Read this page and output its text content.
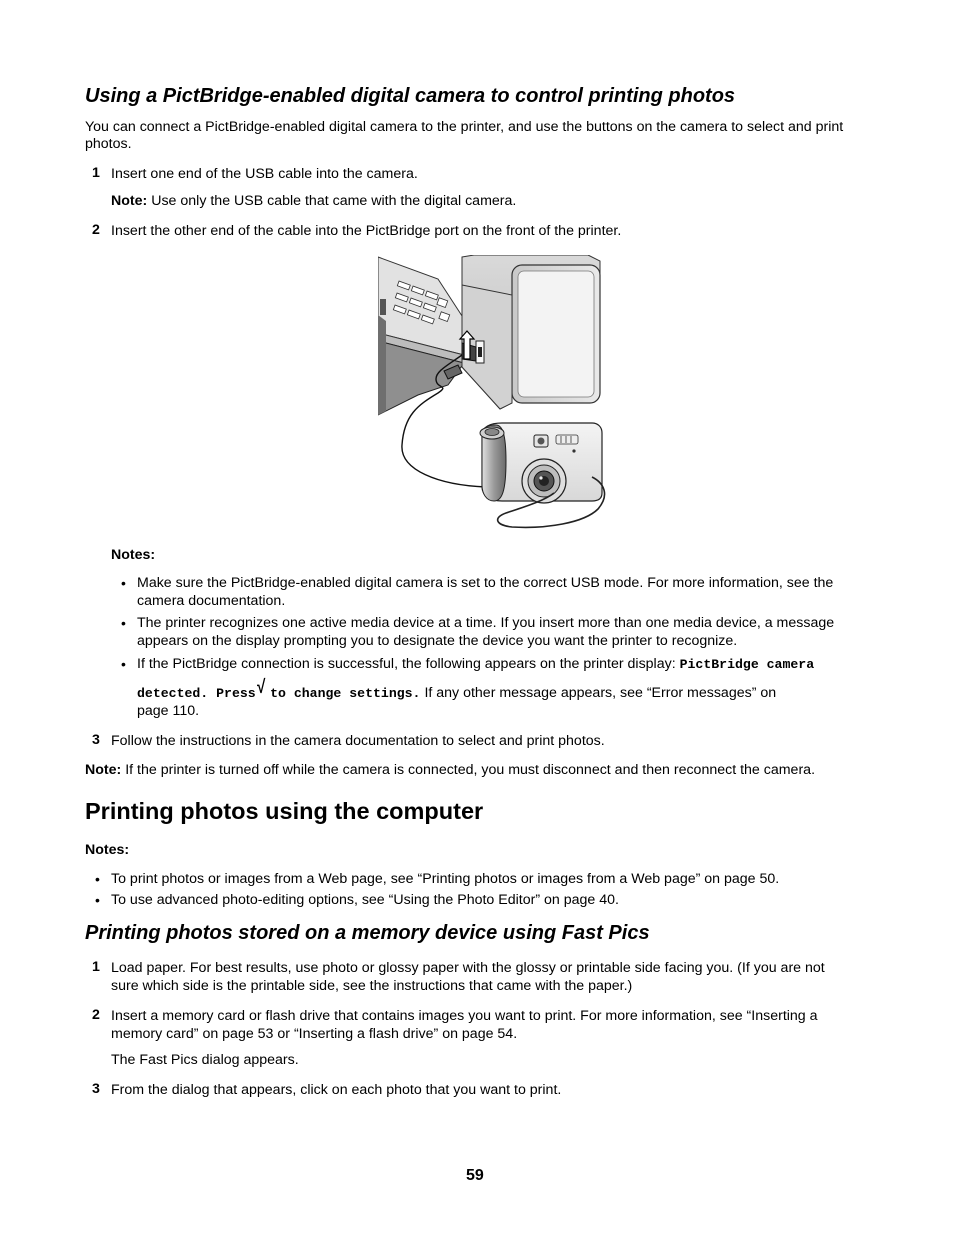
Using a PictBridge-enabled digital camera to control printing photos
You can connect a PictBridge-enabled digital camera to the printer, and use the buttons on the camera to select and print
photos.
1 Insert one end of the USB cable into the camera.
Note: Use only the USB cable that came with the digital camera.
2 Insert the other end of the cable into the PictBridge port on the front of the printer.
Notes:
• Make sure the PictBridge-enabled digital camera is set to the correct USB mode. For more information, see the
camera documentation.
• The printer recognizes one active media device at a time. If you insert more than one media device, a message
appears on the display prompting you to designate the device you want the printer to recognize.
• If the PictBridge connection is successful, the following appears on the printer display: PictBridge camera
detected. Press√ to change settings. If any other message appears, see “Error messages” on
page 110.
3 Follow the instructions in the camera documentation to select and print photos.
Note: If the printer is turned off while the camera is connected, you must disconnect and then reconnect the camera.
Printing photos using the computer
Notes:
• To print photos or images from a Web page, see “Printing photos or images from a Web page” on page 50.
• To use advanced photo-editing options, see “Using the Photo Editor” on page 40.
Printing photos stored on a memory device using Fast Pics
1 Load paper. For best results, use photo or glossy paper with the glossy or printable side facing you. (If you are not
sure which side is the printable side, see the instructions that came with the paper.)
2 Insert a memory card or flash drive that contains images you want to print. For more information, see “Inserting a
memory card” on page 53 or “Inserting a flash drive” on page 54.
The Fast Pics dialog appears.
3 From the dialog that appears, click on each photo that you want to print.
59
